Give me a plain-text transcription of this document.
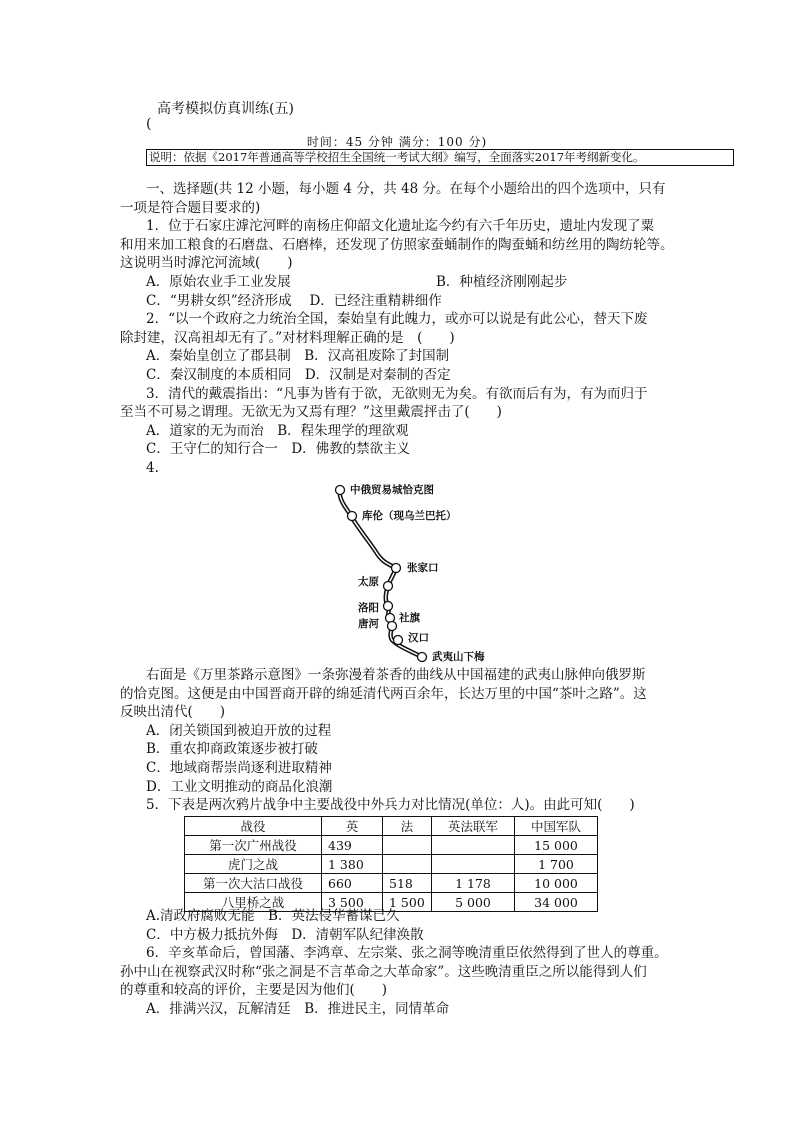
高考模拟仿真训练(五)
(
时间：45 分钟 满分：100 分)
说明：依据《2017年普通高等学校招生全国统一考试大纲》编写，全面落实2017年考纲新变化。
一、选择题(共 12 小题，每小题 4 分，共 48 分。在每个小题给出的四个选项中，只有
一项是符合题目要求的)
1．位于石家庄滹沱河畔的南杨庄仰韶文化遗址迄今约有六千年历史，遗址内发现了粟
和用来加工粮食的石磨盘、石磨棒，还发现了仿照家蚕蛹制作的陶蚕蛹和纺丝用的陶纺轮等。
这说明当时滹沱河流域(　　)
A．原始农业手工业发展	B．种植经济刚刚起步
C．“男耕女织”经济形成　 D．已经注重精耕细作
2．“以一个政府之力统治全国，秦始皇有此魄力，或亦可以说是有此公心，替天下废
除封建，汉高祖却无有了。”对材料理解正确的是　(　　)
A．秦始皇创立了郡县制　B．汉高祖废除了封国制
C．秦汉制度的本质相同　D．汉制是对秦制的否定
3．清代的戴震指出：“凡事为皆有于欲，无欲则无为矣。有欲而后有为，有为而归于
至当不可易之谓理。无欲无为又焉有理？”这里戴震抨击了(　　)
A．道家的无为而治　B．程朱理学的理欲观
C．王守仁的知行合一　D．佛教的禁欲主义
4.
中俄贸易城恰克图
库伦（现乌兰巴托）
张家口
太原
洛阳
社旗
唐河
汉口
武夷山下梅
右面是《万里茶路示意图》一条弥漫着茶香的曲线从中国福建的武夷山脉伸向俄罗斯
的恰克图。这便是由中国晋商开辟的绵延清代两百余年，长达万里的中国“茶叶之路”。这
反映出清代(　　)
A．闭关锁国到被迫开放的过程
B．重农抑商政策逐步被打破
C．地域商帮崇尚逐利进取精神
D．工业文明推动的商品化浪潮
5．下表是两次鸦片战争中主要战役中外兵力对比情况(单位：人)。由此可知(　　)
战役	英	法	英法联军	中国军队
第一次广州战役	439			15 000
虎门之战	1 380			1 700
第一次大沽口战役	660	518	1 178	10 000
八里桥之战	3 500	1 500	5 000	34 000
A.清政府腐败无能　B．英法侵华蓄谋已久
C．中方极力抵抗外侮　D．清朝军队纪律涣散
6．辛亥革命后，曾国藩、李鸿章、左宗棠、张之洞等晚清重臣依然得到了世人的尊重。
孙中山在视察武汉时称“张之洞是不言革命之大革命家”。这些晚清重臣之所以能得到人们
的尊重和较高的评价，主要是因为他们(　　)
A．排满兴汉，瓦解清廷　B．推进民主，同情革命
